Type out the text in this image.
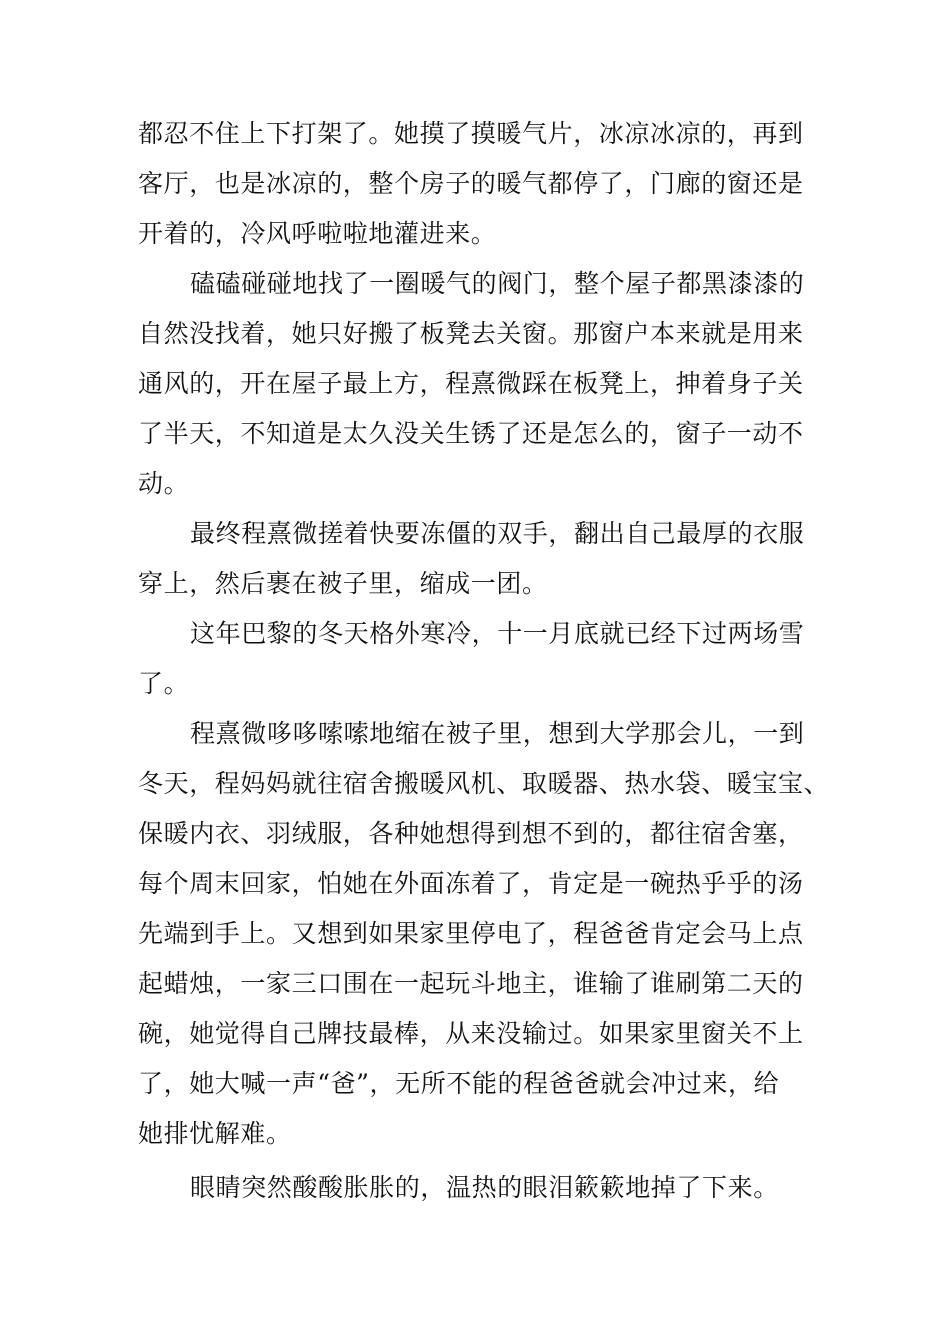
都忍不住上下打架了。她摸了摸暖气片，冰凉冰凉的，再到
客厅，也是冰凉的，整个房子的暖气都停了，门廊的窗还是
开着的，冷风呼啦啦地灌进来。
磕磕碰碰地找了一圈暖气的阀门，整个屋子都黑漆漆的
自然没找着，她只好搬了板凳去关窗。那窗户本来就是用来
通风的，开在屋子最上方，程熹微踩在板凳上，抻着身子关
了半天，不知道是太久没关生锈了还是怎么的，窗子一动不
动。
最终程熹微搓着快要冻僵的双手，翻出自己最厚的衣服
穿上，然后裹在被子里，缩成一团。
这年巴黎的冬天格外寒冷，十一月底就已经下过两场雪
了。
程熹微哆哆嗦嗦地缩在被子里，想到大学那会儿，一到
冬天，程妈妈就往宿舍搬暖风机、取暖器、热水袋、暖宝宝、
保暖内衣、羽绒服，各种她想得到想不到的，都往宿舍塞，
每个周末回家，怕她在外面冻着了，肯定是一碗热乎乎的汤
先端到手上。又想到如果家里停电了，程爸爸肯定会马上点
起蜡烛，一家三口围在一起玩斗地主，谁输了谁刷第二天的
碗，她觉得自己牌技最棒，从来没输过。如果家里窗关不上
了，她大喊一声“爸”，无所不能的程爸爸就会冲过来，给
她排忧解难。
眼睛突然酸酸胀胀的，温热的眼泪簌簌地掉了下来。
